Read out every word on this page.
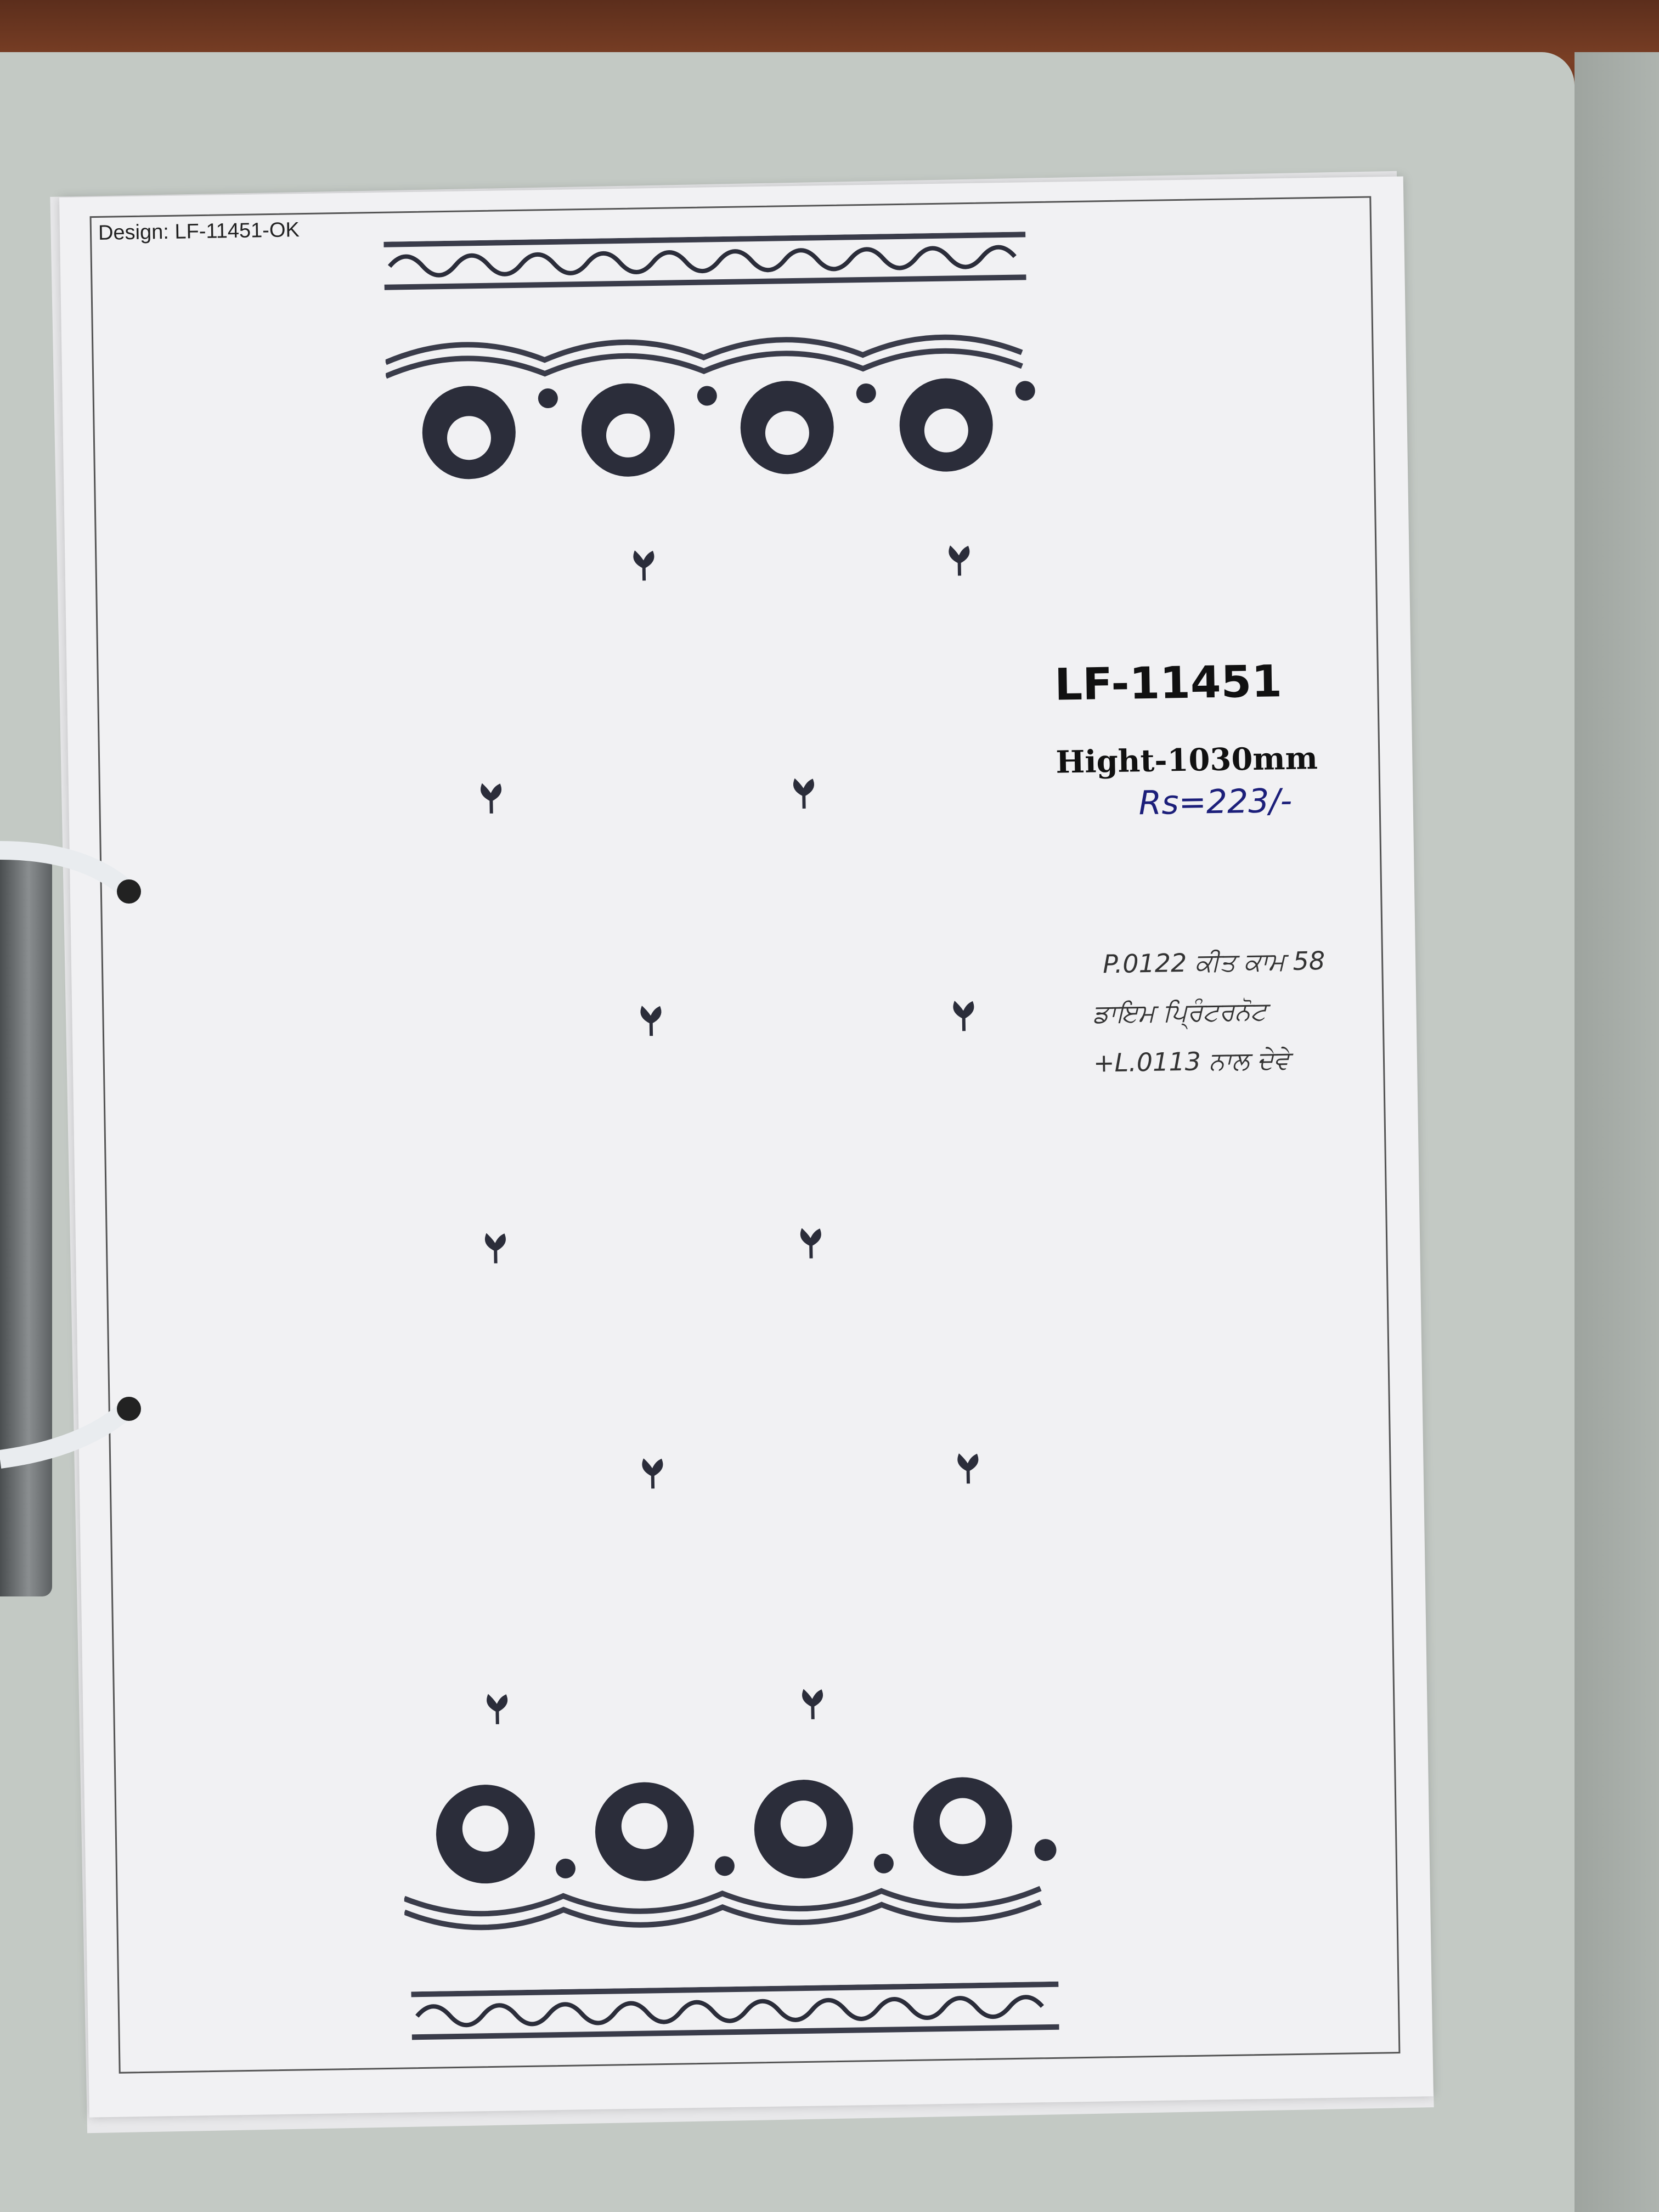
Design: LF-11451-OK
LF-11451
Hight-1030mm
Rs=223/-
P.0122 ਕੀਤ ਕਾਮ 58
ਡਾਇਮ ਪ੍ਰਿੰਟਰਨੋਟ
+L.0113 ਨਾਲ ਦੇਵੇ
